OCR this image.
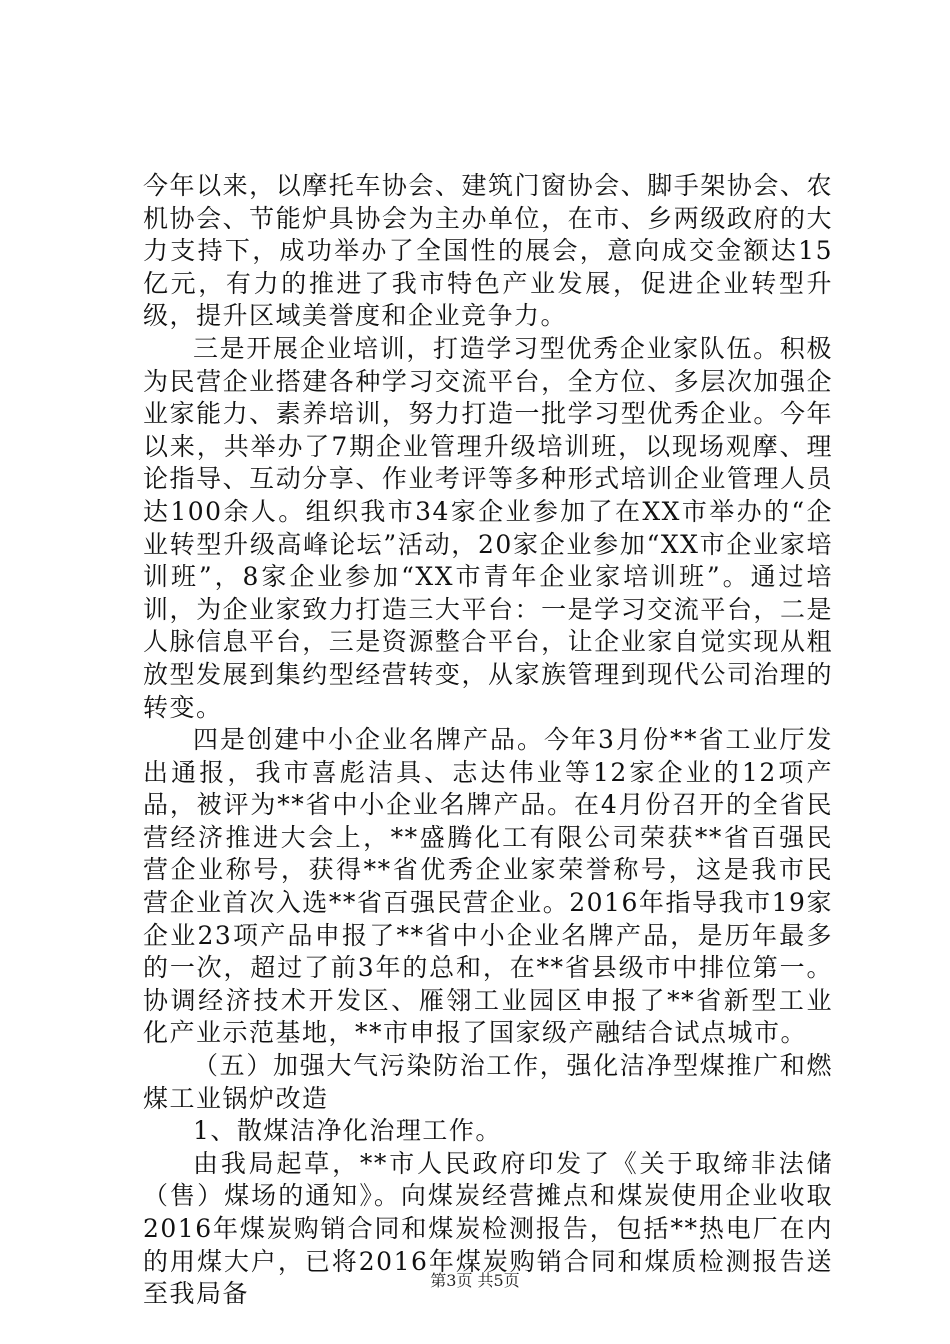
今年以来，以摩托车协会、建筑门窗协会、脚手架协会、农机协会、节能炉具协会为主办单位，在市、乡两级政府的大力支持下，成功举办了全国性的展会，意向成交金额达15亿元，有力的推进了我市特色产业发展，促进企业转型升级，提升区域美誉度和企业竞争力。

三是开展企业培训，打造学习型优秀企业家队伍。积极为民营企业搭建各种学习交流平台，全方位、多层次加强企业家能力、素养培训，努力打造一批学习型优秀企业。今年以来，共举办了7期企业管理升级培训班，以现场观摩、理论指导、互动分享、作业考评等多种形式培训企业管理人员达100余人。组织我市34家企业参加了在XX市举办的“企业转型升级高峰论坛”活动，20家企业参加“XX市企业家培训班”，8家企业参加“XX市青年企业家培训班”。通过培训，为企业家致力打造三大平台：一是学习交流平台，二是人脉信息平台，三是资源整合平台，让企业家自觉实现从粗放型发展到集约型经营转变，从家族管理到现代公司治理的转变。

四是创建中小企业名牌产品。今年3月份**省工业厅发出通报，我市喜彪洁具、志达伟业等12家企业的12项产品，被评为**省中小企业名牌产品。在4月份召开的全省民营经济推进大会上，**盛腾化工有限公司荣获**省百强民营企业称号，获得**省优秀企业家荣誉称号，这是我市民营企业首次入选**省百强民营企业。2016年指导我市19家企业23项产品申报了**省中小企业名牌产品，是历年最多的一次，超过了前3年的总和，在**省县级市中排位第一。协调经济技术开发区、雁翎工业园区申报了**省新型工业化产业示范基地，**市申报了国家级产融结合试点城市。

（五）加强大气污染防治工作，强化洁净型煤推广和燃煤工业锅炉改造

1、散煤洁净化治理工作。

由我局起草，**市人民政府印发了《关于取缔非法储（售）煤场的通知》。向煤炭经营摊点和煤炭使用企业收取2016年煤炭购销合同和煤炭检测报告，包括**热电厂在内的用煤大户，已将2016年煤炭购销合同和煤质检测报告送至我局备	第3页 共5页
